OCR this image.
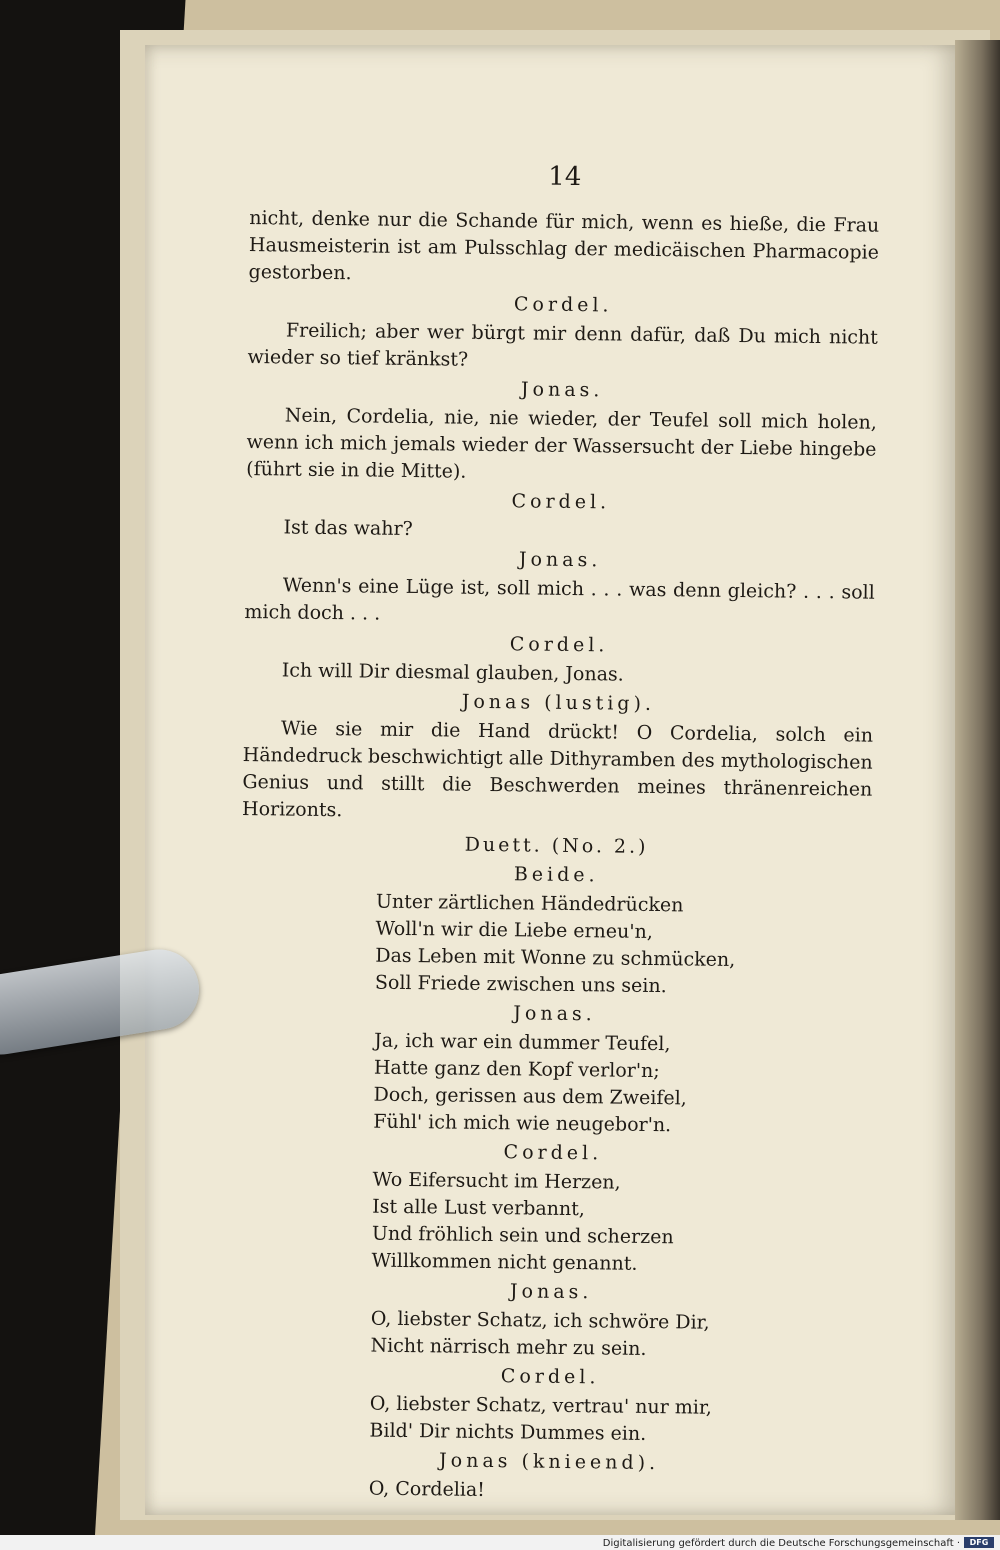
14

nicht, denke nur die Schande für mich, wenn es hieße, die Frau Hausmeisterin ist am Pulsschlag der medicäischen Pharmacopie gestorben.

Cordel.

Freilich; aber wer bürgt mir denn dafür, daß Du mich nicht wieder so tief kränkst?

Jonas.

Nein, Cordelia, nie, nie wieder, der Teufel soll mich holen, wenn ich mich jemals wieder der Wassersucht der Liebe hingebe (führt sie in die Mitte).

Cordel.

Ist das wahr?

Jonas.

Wenn's eine Lüge ist, soll mich . . . was denn gleich? . . . soll mich doch . . .

Cordel.

Ich will Dir diesmal glauben, Jonas.

Jonas (lustig).

Wie sie mir die Hand drückt! O Cordelia, solch ein Händedruck beschwichtigt alle Dithyramben des mythologischen Genius und stillt die Beschwerden meines thränenreichen Horizonts.

Duett. (No. 2.)
Beide.
Unter zärtlichen Händedrücken
Woll'n wir die Liebe erneu'n,
Das Leben mit Wonne zu schmücken,
Soll Friede zwischen uns sein.
Jonas.
Ja, ich war ein dummer Teufel,
Hatte ganz den Kopf verlor'n;
Doch, gerissen aus dem Zweifel,
Fühl' ich mich wie neugebor'n.
Cordel.
Wo Eifersucht im Herzen,
Ist alle Lust verbannt,
Und fröhlich sein und scherzen
Willkommen nicht genannt.
Jonas.
O, liebster Schatz, ich schwöre Dir,
Nicht närrisch mehr zu sein.
Cordel.
O, liebster Schatz, vertrau' nur mir,
Bild' Dir nichts Dummes ein.
Jonas (knieend).
O, Cordelia!
Digitalisierung gefördert durch die Deutsche Forschungsgemeinschaft ·	DFG
